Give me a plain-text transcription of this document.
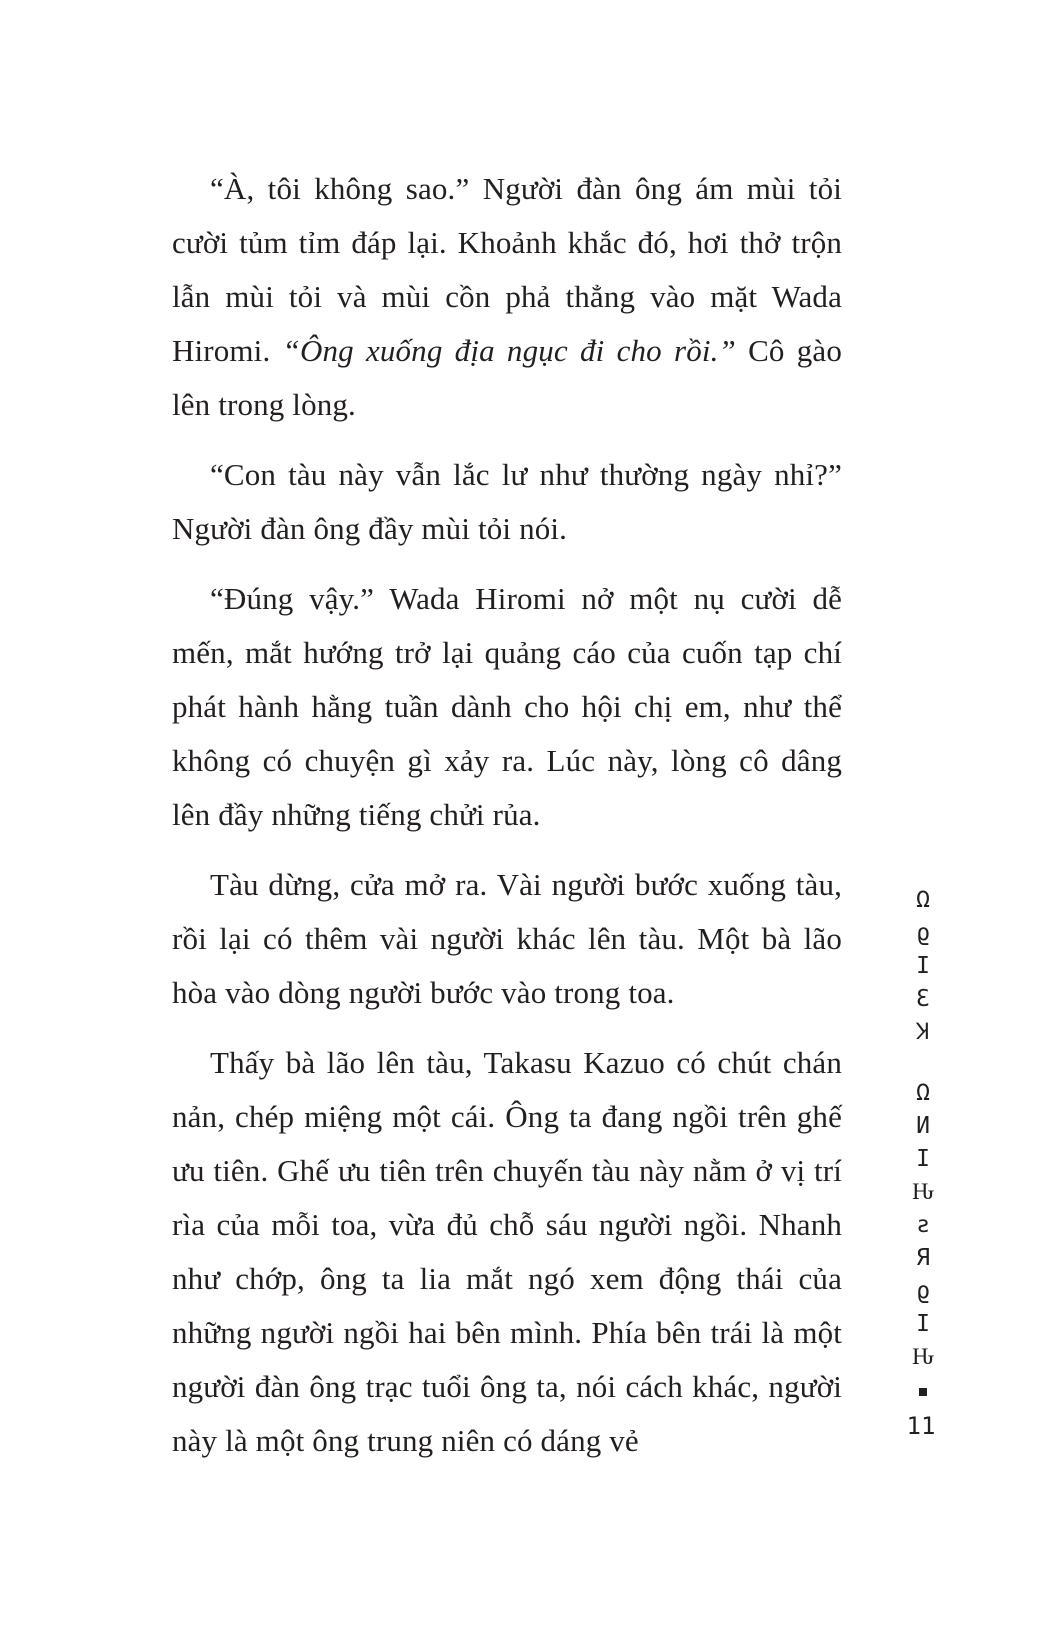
“À, tôi không sao.” Người đàn ông ám mùi tỏi cười tủm tỉm đáp lại. Khoảnh khắc đó, hơi thở trộn lẫn mùi tỏi và mùi cồn phả thẳng vào mặt Wada Hiromi. “Ông xuống địa ngục đi cho rồi.” Cô gào lên trong lòng.

“Con tàu này vẫn lắc lư như thường ngày nhỉ?” Người đàn ông đầy mùi tỏi nói.

“Đúng vậy.” Wada Hiromi nở một nụ cười dễ mến, mắt hướng trở lại quảng cáo của cuốn tạp chí phát hành hằng tuần dành cho hội chị em, như thể không có chuyện gì xảy ra. Lúc này, lòng cô dâng lên đầy những tiếng chửi rủa.

Tàu dừng, cửa mở ra. Vài người bước xuống tàu, rồi lại có thêm vài người khác lên tàu. Một bà lão hòa vào dòng người bước vào trong toa.

Thấy bà lão lên tàu, Takasu Kazuo có chút chán nản, chép miệng một cái. Ông ta đang ngồi trên ghế ưu tiên. Ghế ưu tiên trên chuyến tàu này nằm ở vị trí rìa của mỗi toa, vừa đủ chỗ sáu người ngồi. Nhanh như chớp, ông ta lia mắt ngó xem động thái của những người ngồi hai bên mình. Phía bên trái là một người đàn ông trạc tuổi ông ta, nói cách khác, người này là một ông trung niên có dáng vẻ

Ω
ϱ
I
Ɛ
Ʞ
Ω
И
I
Ԋ
ƨ
Я
ϱ
I
Ԋ
11
